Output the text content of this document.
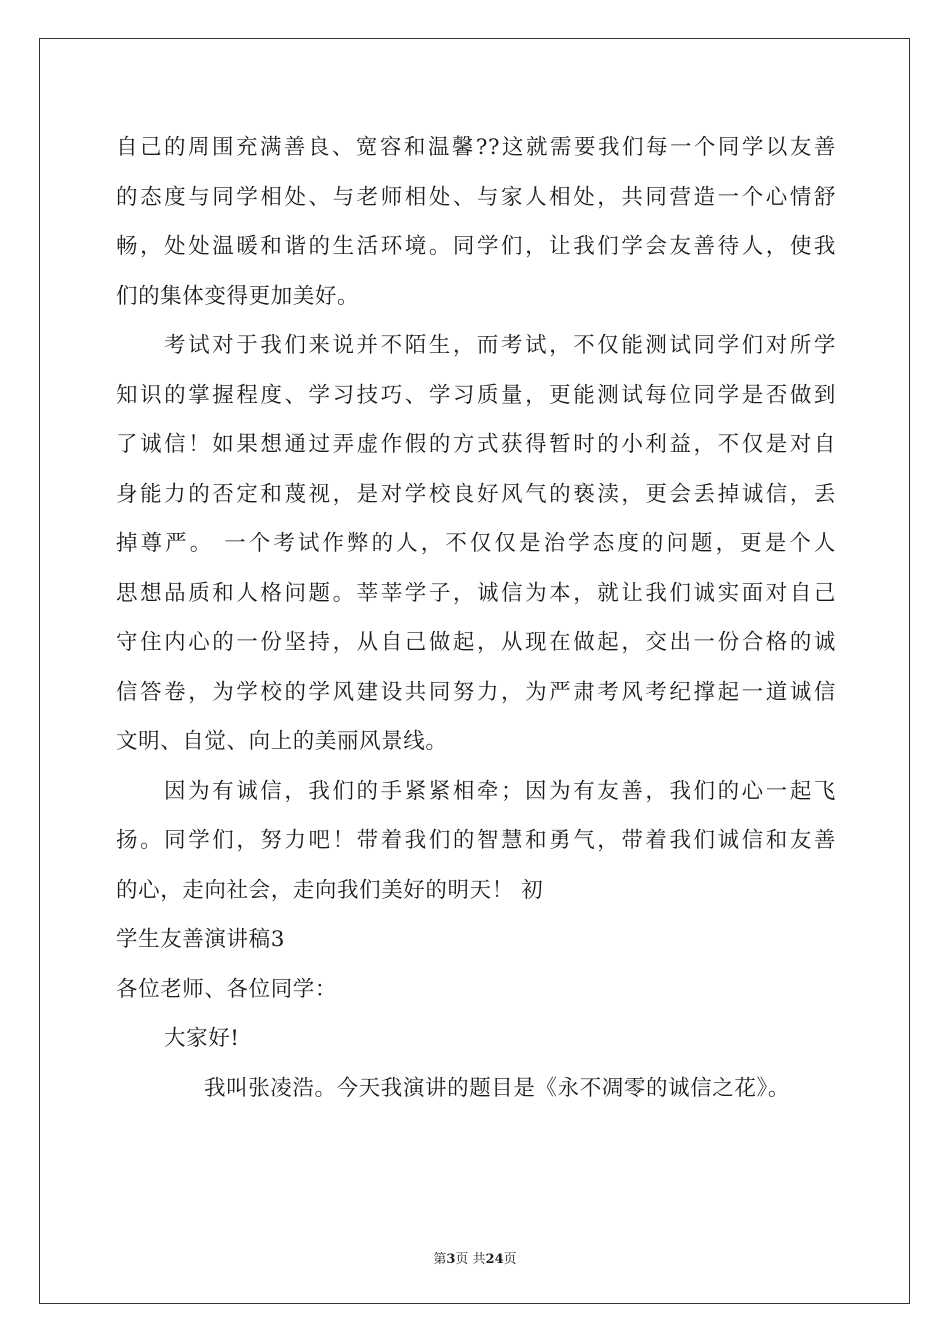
自己的周围充满善良、宽容和温馨??这就需要我们每一个同学以友善
的态度与同学相处、与老师相处、与家人相处，共同营造一个心情舒
畅，处处温暖和谐的生活环境。同学们，让我们学会友善待人，使我
们的集体变得更加美好。
考试对于我们来说并不陌生，而考试，不仅能测试同学们对所学
知识的掌握程度、学习技巧、学习质量，更能测试每位同学是否做到
了诚信！如果想通过弄虚作假的方式获得暂时的小利益，不仅是对自
身能力的否定和蔑视，是对学校良好风气的亵渎，更会丢掉诚信，丢
掉尊严。 一个考试作弊的人，不仅仅是治学态度的问题，更是个人
思想品质和人格问题。莘莘学子，诚信为本，就让我们诚实面对自己
守住内心的一份坚持，从自己做起，从现在做起，交出一份合格的诚
信答卷，为学校的学风建设共同努力，为严肃考风考纪撑起一道诚信
文明、自觉、向上的美丽风景线。
因为有诚信，我们的手紧紧相牵；因为有友善，我们的心一起飞
扬。同学们，努力吧！带着我们的智慧和勇气，带着我们诚信和友善
的心，走向社会，走向我们美好的明天！ 初
学生友善演讲稿3
各位老师、各位同学：
大家好!
我叫张凌浩。今天我演讲的题目是《永不凋零的诚信之花》。
第3页 共24页
